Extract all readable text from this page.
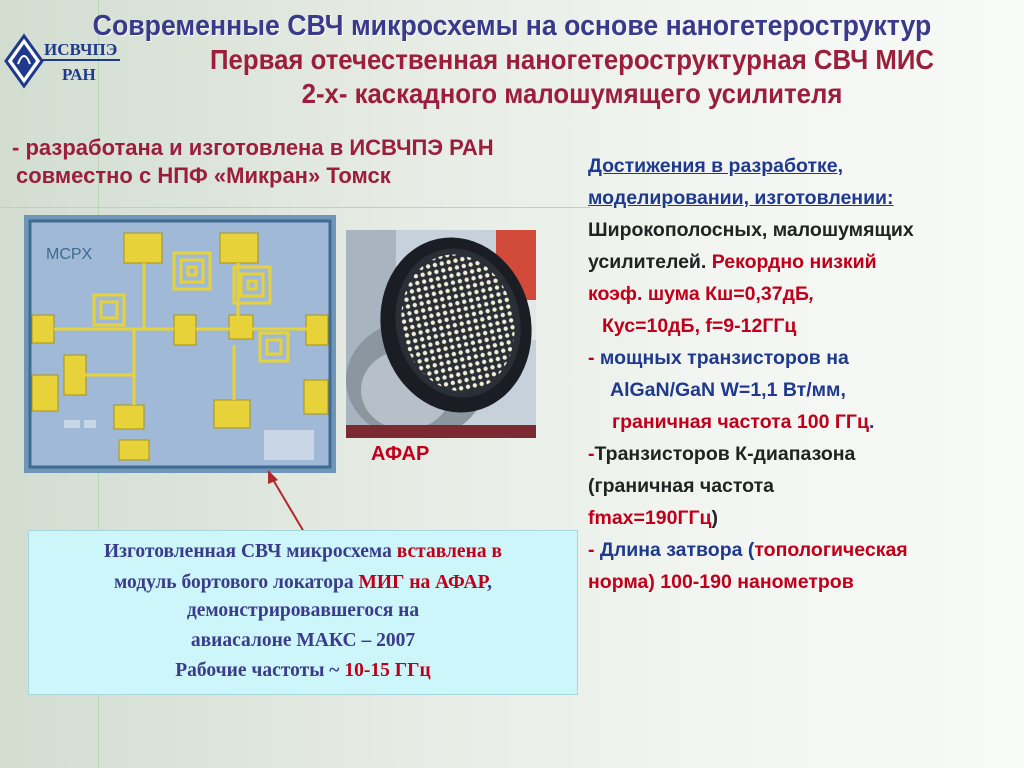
ИСВЧПЭ
РАН

Современные СВЧ микросхемы на основе наногетероструктур

Первая отечественная наногетероструктурная СВЧ МИС

2-х- каскадного малошумящего усилителя

- разработана и изготовлена в ИСВЧПЭ РАН

совместно с НПФ «Микран» Томск

MCPX

АФАР

Изготовленная СВЧ микросхема вставлена в

модуль бортового локатора МИГ на АФАР,

демонстрировавшегося на

авиасалоне МАКС – 2007

Рабочие частоты ~ 10-15 ГГц

Достижения в разработке,

моделировании, изготовлении:

Широкополосных, малошумящих

усилителей. Рекордно низкий

коэф. шума Кш=0,37дБ,

Кус=10дБ, f=9-12ГГц

- мощных транзисторов на

AlGaN/GaN W=1,1 Вт/мм,

граничная частота 100 ГГц.

-Транзисторов К-диапазона

(граничная частота

fmax=190ГГц)

- Длина затвора (топологическая

норма) 100-190 нанометров
